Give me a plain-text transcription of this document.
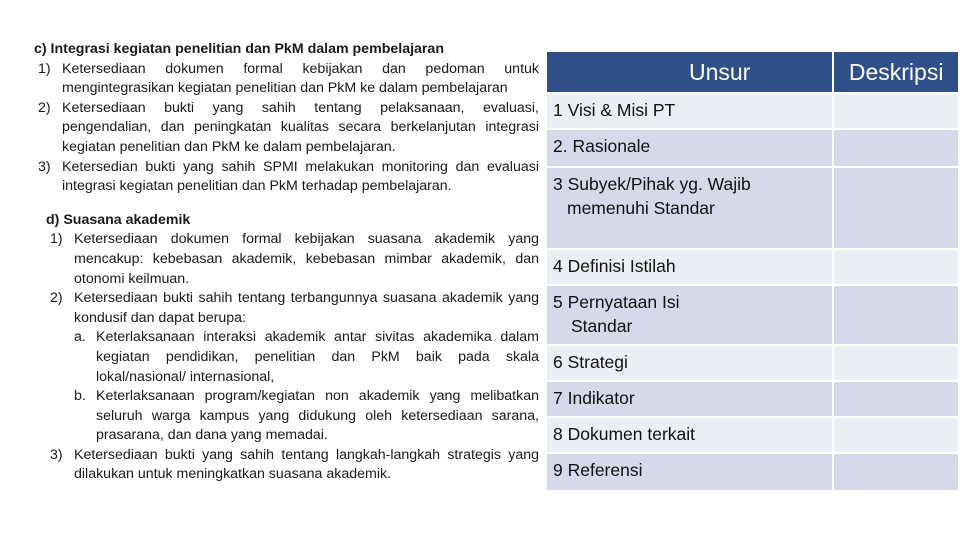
c) Integrasi kegiatan penelitian dan PkM dalam pembelajaran
1) Ketersediaan dokumen formal kebijakan dan pedoman untuk mengintegrasikan kegiatan penelitian dan PkM ke dalam pembelajaran
2) Ketersediaan bukti yang sahih tentang pelaksanaan, evaluasi, pengendalian, dan peningkatan kualitas secara berkelanjutan integrasi kegiatan penelitian dan PkM ke dalam pembelajaran.
3) Ketersedian bukti yang sahih SPMI melakukan monitoring dan evaluasi integrasi kegiatan penelitian dan PkM terhadap pembelajaran.
d) Suasana akademik
1) Ketersediaan dokumen formal kebijakan suasana akademik yang mencakup: kebebasan akademik, kebebasan mimbar akademik, dan otonomi keilmuan.
2) Ketersediaan bukti sahih tentang terbangunnya suasana akademik yang kondusif dan dapat berupa:
a. Keterlaksanaan interaksi akademik antar sivitas akademika dalam kegiatan pendidikan, penelitian dan PkM baik pada skala lokal/nasional/ internasional,
b. Keterlaksanaan program/kegiatan non akademik yang melibatkan seluruh warga kampus yang didukung oleh ketersediaan sarana, prasarana, dan dana yang memadai.
3) Ketersediaan bukti yang sahih tentang langkah-langkah strategis yang dilakukan untuk meningkatkan suasana akademik.
Unsur	Deskripsi

1 Visi & Misi PT	

2. Rasionale	

3 Subyek/Pihak yg. Wajib
memenuhi Standar	

4 Definisi Istilah	

5 Pernyataan Isi
Standar	

6 Strategi	

7 Indikator	

8 Dokumen terkait	

9 Referensi	
